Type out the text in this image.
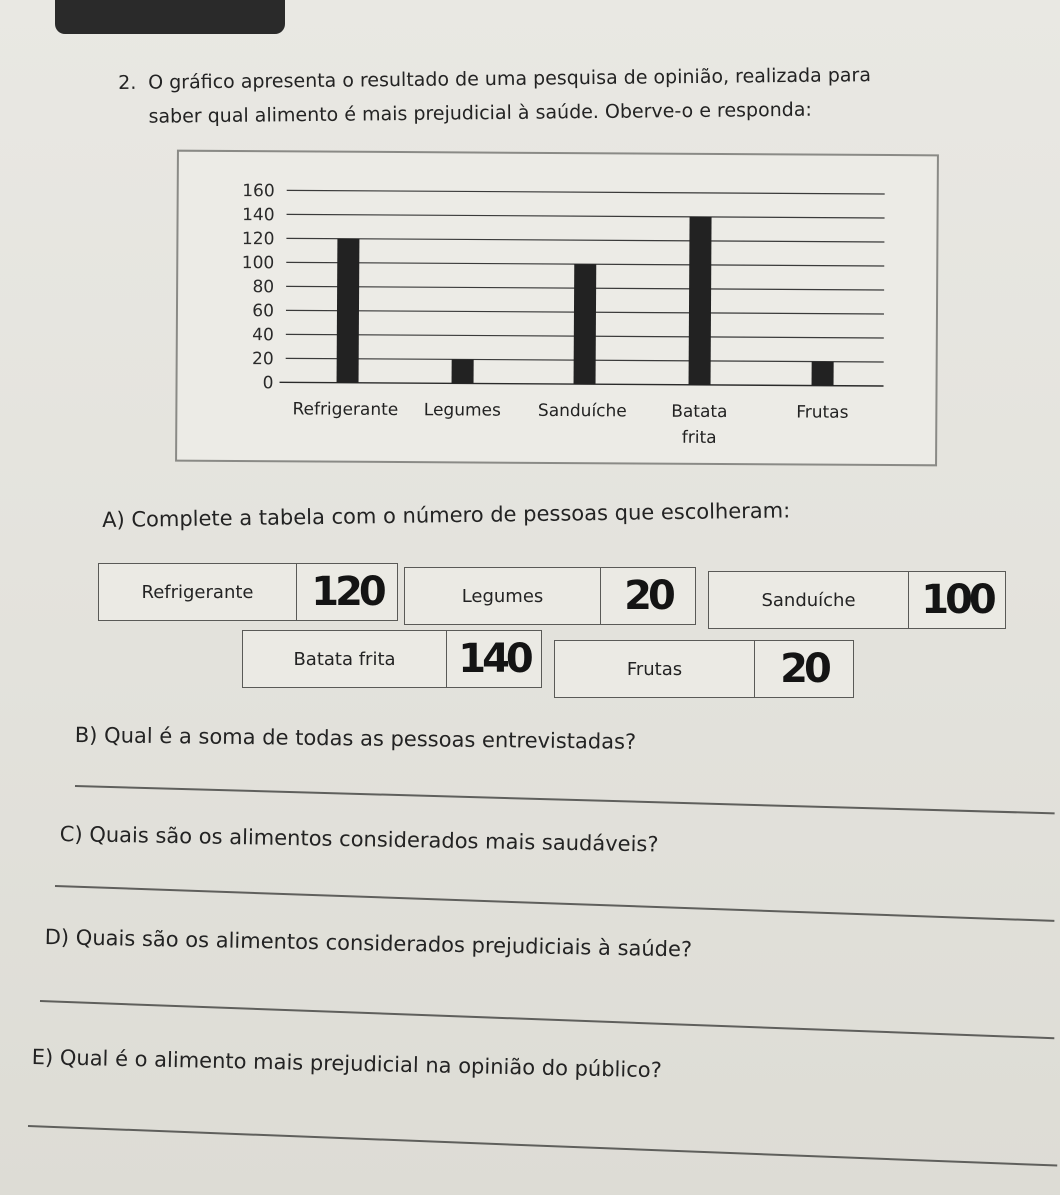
2. O gráfico apresenta o resultado de uma pesquisa de opinião, realizada para
saber qual alimento é mais prejudicial à saúde. Oberve-o e responda:
160
140
120
100
80
60
40
20
0
Refrigerante Legumes Sanduíche	Batata
frita
Frutas
A) Complete a tabela com o número de pessoas que escolheram:
Refrigerante	120	Legumes	20	Sanduíche	100
Batata frita	140	Frutas	20
B) Qual é a soma de todas as pessoas entrevistadas?
C) Quais são os alimentos considerados mais saudáveis?
D) Quais são os alimentos considerados prejudiciais à saúde?
E) Qual é o alimento mais prejudicial na opinião do público?
